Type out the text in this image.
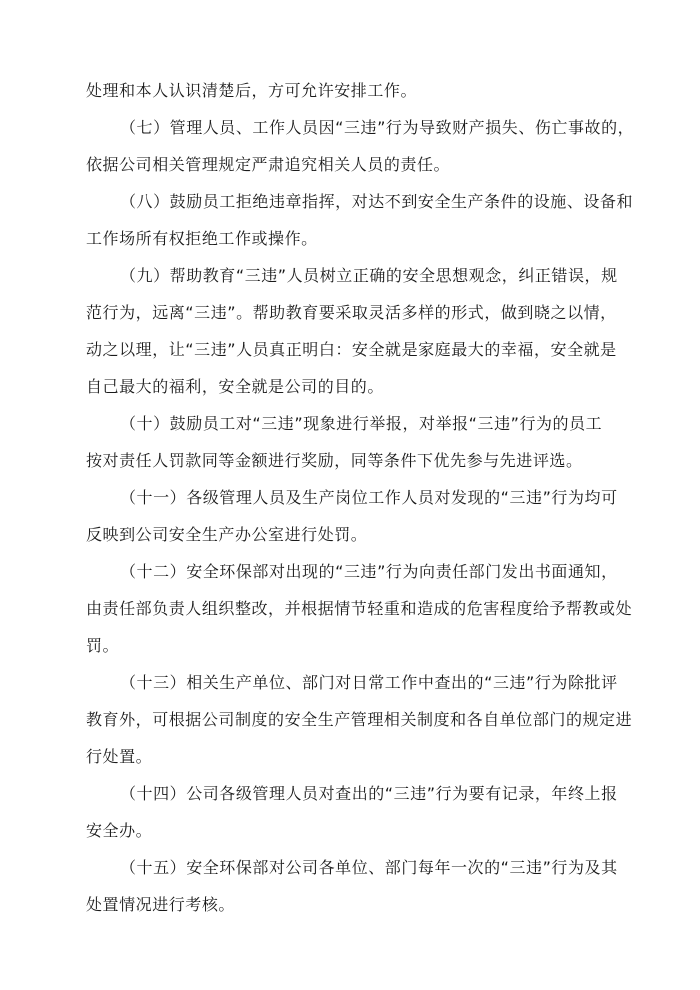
处理和本人认识清楚后，方可允许安排工作。
（七）管理人员、工作人员因“三违”行为导致财产损失、伤亡事故的，
依据公司相关管理规定严肃追究相关人员的责任。
（八）鼓励员工拒绝违章指挥，对达不到安全生产条件的设施、设备和
工作场所有权拒绝工作或操作。
（九）帮助教育“三违”人员树立正确的安全思想观念，纠正错误，规
范行为，远离“三违”。帮助教育要采取灵活多样的形式，做到晓之以情，
动之以理，让“三违”人员真正明白：安全就是家庭最大的幸福，安全就是
自己最大的福利，安全就是公司的目的。
（十）鼓励员工对“三违”现象进行举报，对举报“三违”行为的员工
按对责任人罚款同等金额进行奖励，同等条件下优先参与先进评选。
（十一）各级管理人员及生产岗位工作人员对发现的“三违”行为均可
反映到公司安全生产办公室进行处罚。
（十二）安全环保部对出现的“三违”行为向责任部门发出书面通知，
由责任部负责人组织整改，并根据情节轻重和造成的危害程度给予帮教或处
罚。
（十三）相关生产单位、部门对日常工作中查出的“三违”行为除批评
教育外，可根据公司制度的安全生产管理相关制度和各自单位部门的规定进
行处置。
（十四）公司各级管理人员对查出的“三违”行为要有记录，年终上报
安全办。
（十五）安全环保部对公司各单位、部门每年一次的“三违”行为及其
处置情况进行考核。
